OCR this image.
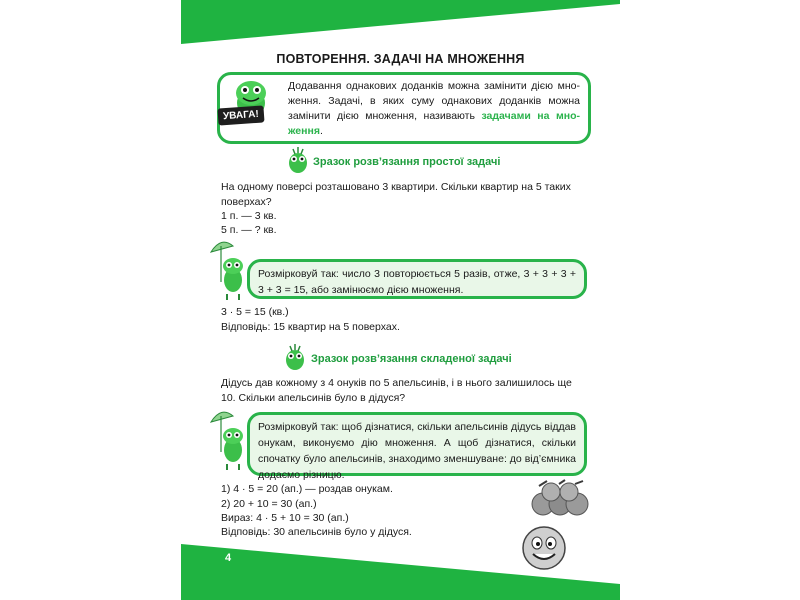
ПОВТОРЕННЯ. ЗАДАЧІ НА МНОЖЕННЯ
УВАГА!
Додавання однакових доданків можна замінити дією множення. Задачі, в яких суму однакових доданків можна замінити дією множення, називають задачами на множення.
Зразок розв’язання простої задачі
На одному поверсі розташовано 3 квартири. Скільки квартир на 5 таких поверхах?
1 п. — 3 кв.
5 п. — ? кв.
Розмірковуй так: число 3 повторюється 5 разів, отже, 3 + 3 + 3 + 3 + 3 = 15, або замінюємо дією множення.
3 · 5 = 15 (кв.)
Відповідь: 15 квартир на 5 поверхах.
Зразок розв’язання складеної задачі
Дідусь дав кожному з 4 онуків по 5 апельсинів, і в нього залишилось ще 10. Скільки апельсинів було в дідуся?
Розмірковуй так: щоб дізнатися, скільки апельсинів дідусь віддав онукам, виконуємо дію множення. А щоб дізнатися, скільки спочатку було апельсинів, знаходимо зменшуване: до від’ємника додаємо різницю.
1) 4 · 5 = 20 (ап.) — роздав онукам.
2) 20 + 10 = 30 (ап.)
Вираз: 4 · 5 + 10 = 30 (ап.)
Відповідь: 30 апельсинів було у дідуся.
4
